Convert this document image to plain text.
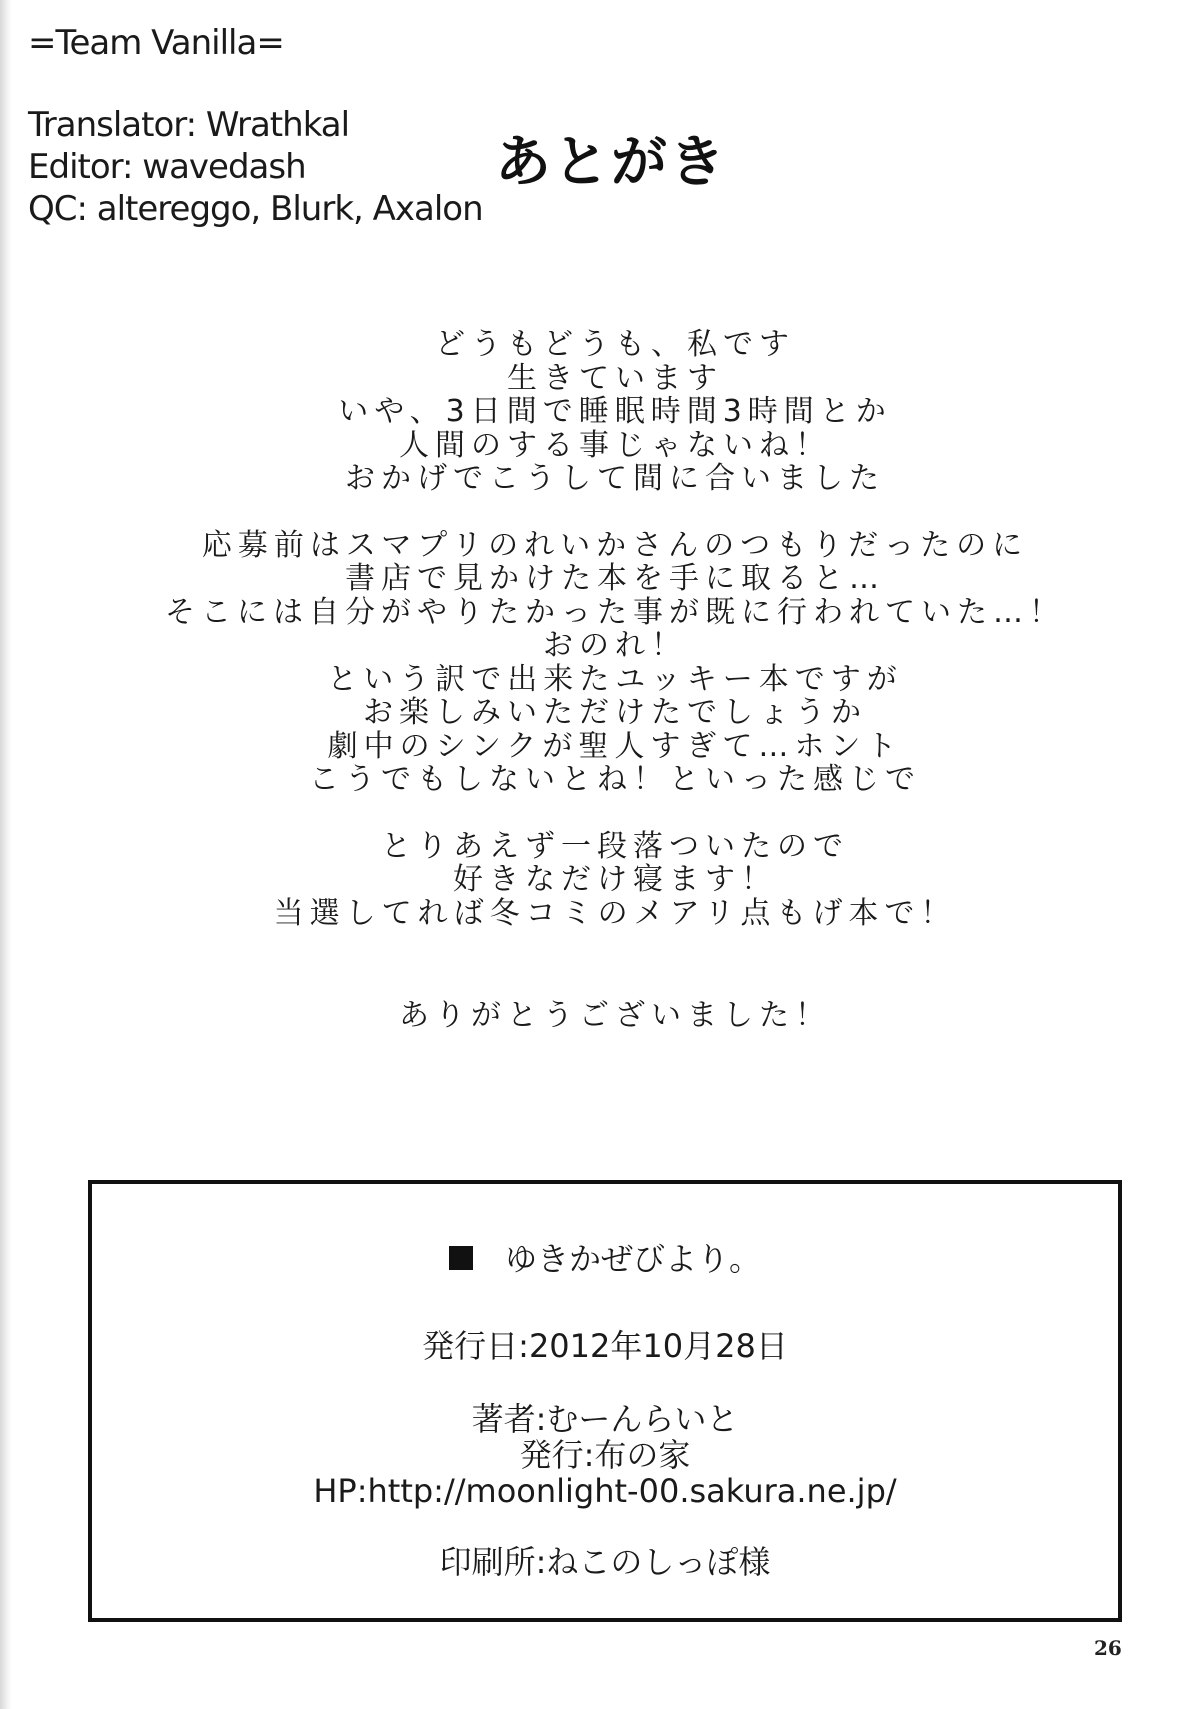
=Team Vanilla=
Translator: Wrathkal
Editor: wavedash
QC: altereggo, Blurk, Axalon
あとがき
どうもどうも、私です
生きています
いや、3日間で睡眠時間3時間とか
人間のする事じゃないね！
おかげでこうして間に合いました
応募前はスマプリのれいかさんのつもりだったのに
書店で見かけた本を手に取ると…
そこには自分がやりたかった事が既に行われていた…！
おのれ！
という訳で出来たユッキー本ですが
お楽しみいただけたでしょうか
劇中のシンクが聖人すぎて…ホント
こうでもしないとね！といった感じで
とりあえず一段落ついたので
好きなだけ寝ます！
当選してれば冬コミのメアリ点もげ本で！
ありがとうございました！
ゆきかぜびより。
発行日:2012年10月28日
著者:むーんらいと
発行:布の家
HP:http://moonlight-00.sakura.ne.jp/
印刷所:ねこのしっぽ様
26
